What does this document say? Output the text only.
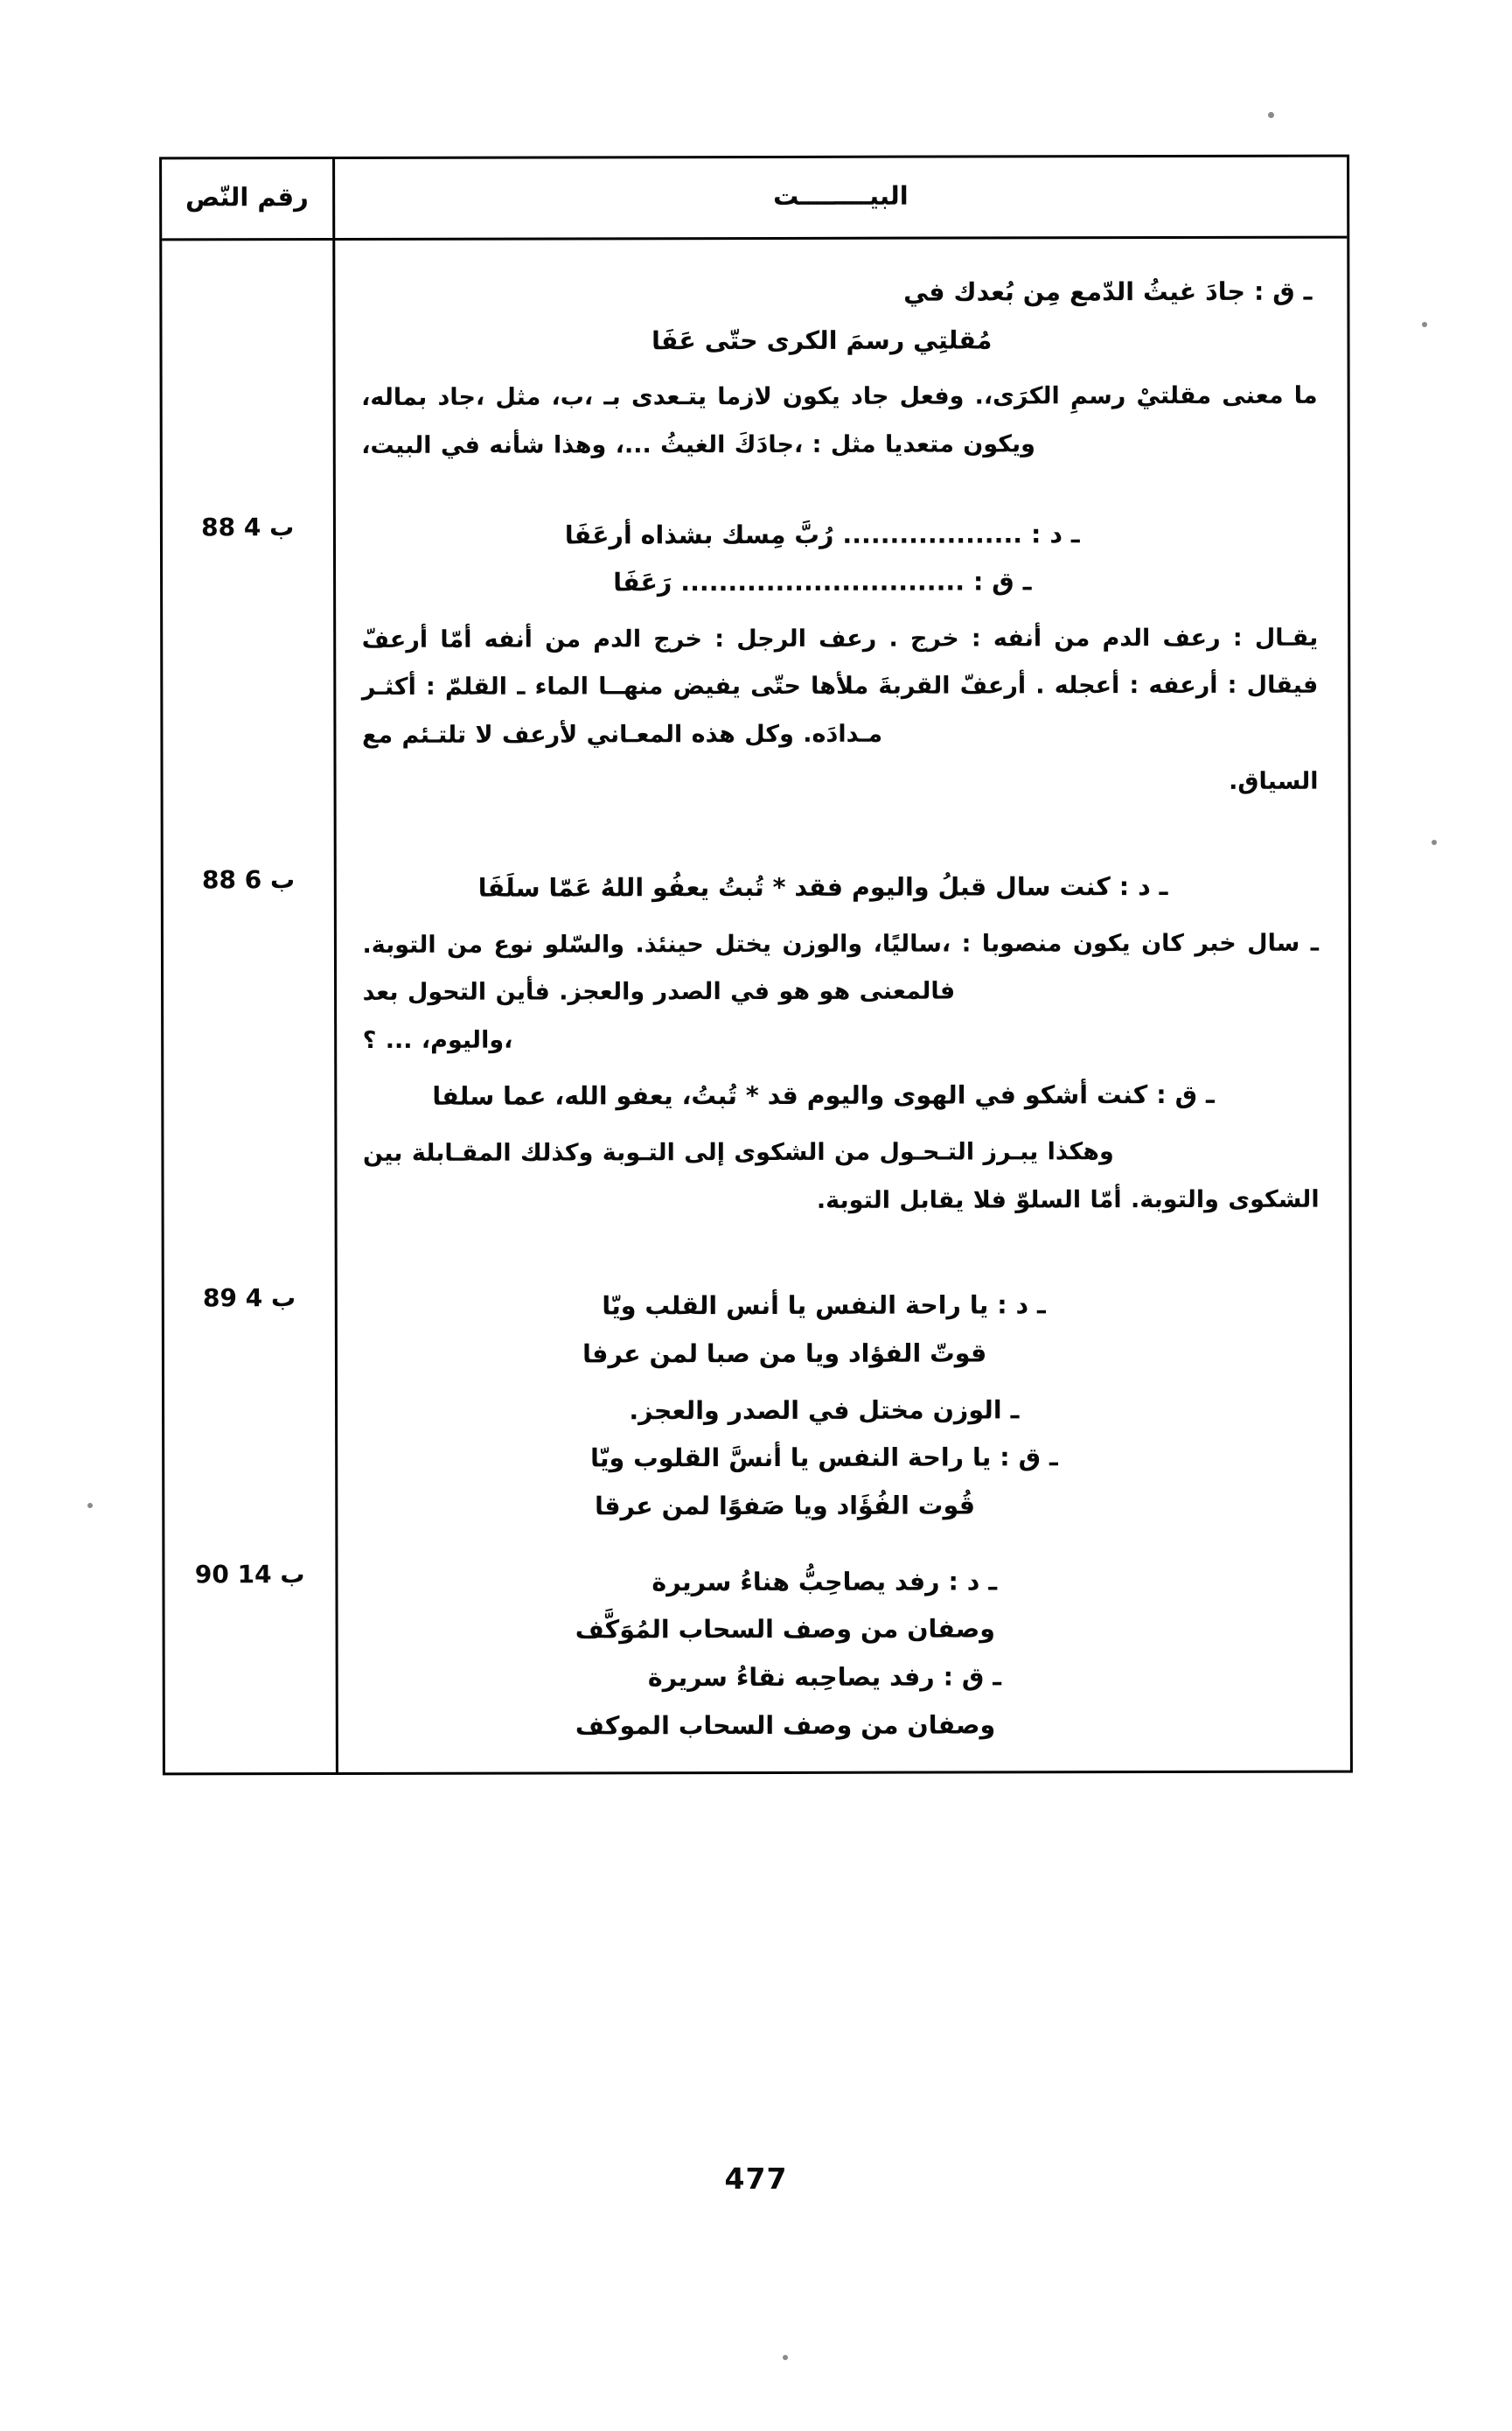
البيــــــــت	رقم النّص

ـ ق : جادَ غيثُ الدّمع مِن بُعدك في
مُقلتِي رسمَ الكرى حتّى عَفَا
ما معنى مقلتيْ رسمِ الكرَى،. وفعل جاد يكون لازما يتـعدى بـ ،ب، مثل ،جاد بماله، ويكون متعديا مثل : ،جادَكَ الغيثُ ...، وهذا شأنه في البيت،	

ـ د : ................... رُبَّ مِسك بشذاه أرعَفَا
ـ ق : .............................. رَعَفَا
يقـال : رعف الدم من أنفه : خرج . رعف الرجل : خرج الدم من أنفه أمّا أرعفّ فيقال : أرعفه : أعجله . أرعفّ القربةَ ملأها حتّى يفيض منهــا الماء ـ القلمّ : أكثـر مـدادَه. وكل هذه المعـاني لأرعف لا تلتـئم مع
السياق.	88 ب 4

ـ د : كنت سال قبلُ واليوم فقد * تُبتُ يعفُو اللهُ عَمّا سلَفَا
ـ سال خبر كان يكون منصوبا : ،ساليًا، والوزن يختل حينئذ. والسّلو نوع من التوبة. فالمعنى هو هو في الصدر والعجز. فأين التحول بعد
،واليوم، ... ؟
ـ ق : كنت أشكو في الهوى واليوم قد * تُبتُ، يعفو الله، عما سلفا
وهكذا يبـرز التـحـول من الشكوى إلى التـوبة وكذلك المقـابلة بين
الشكوى والتوبة. أمّا السلوّ فلا يقابل التوبة.
	88 ب 6

ـ د : يا راحة النفس يا أنس القلب ويّا
قوتّ الفؤاد ويا من صبا لمن عرفا
ـ الوزن مختل في الصدر والعجز.
ـ ق : يا راحة النفس يا أنسَّ القلوب ويّا
قُوت الفُؤَاد ويا صَفوًا لمن عرقا	89 ب 4

ـ د : رفد يصاحِبُّ هناءُ سريرة
وصفان من وصف السحاب المُوَكَّف
ـ ق : رفد يصاحِبه نقاءُ سريرة
وصفان من وصف السحاب الموكف	90 ب 14
477
